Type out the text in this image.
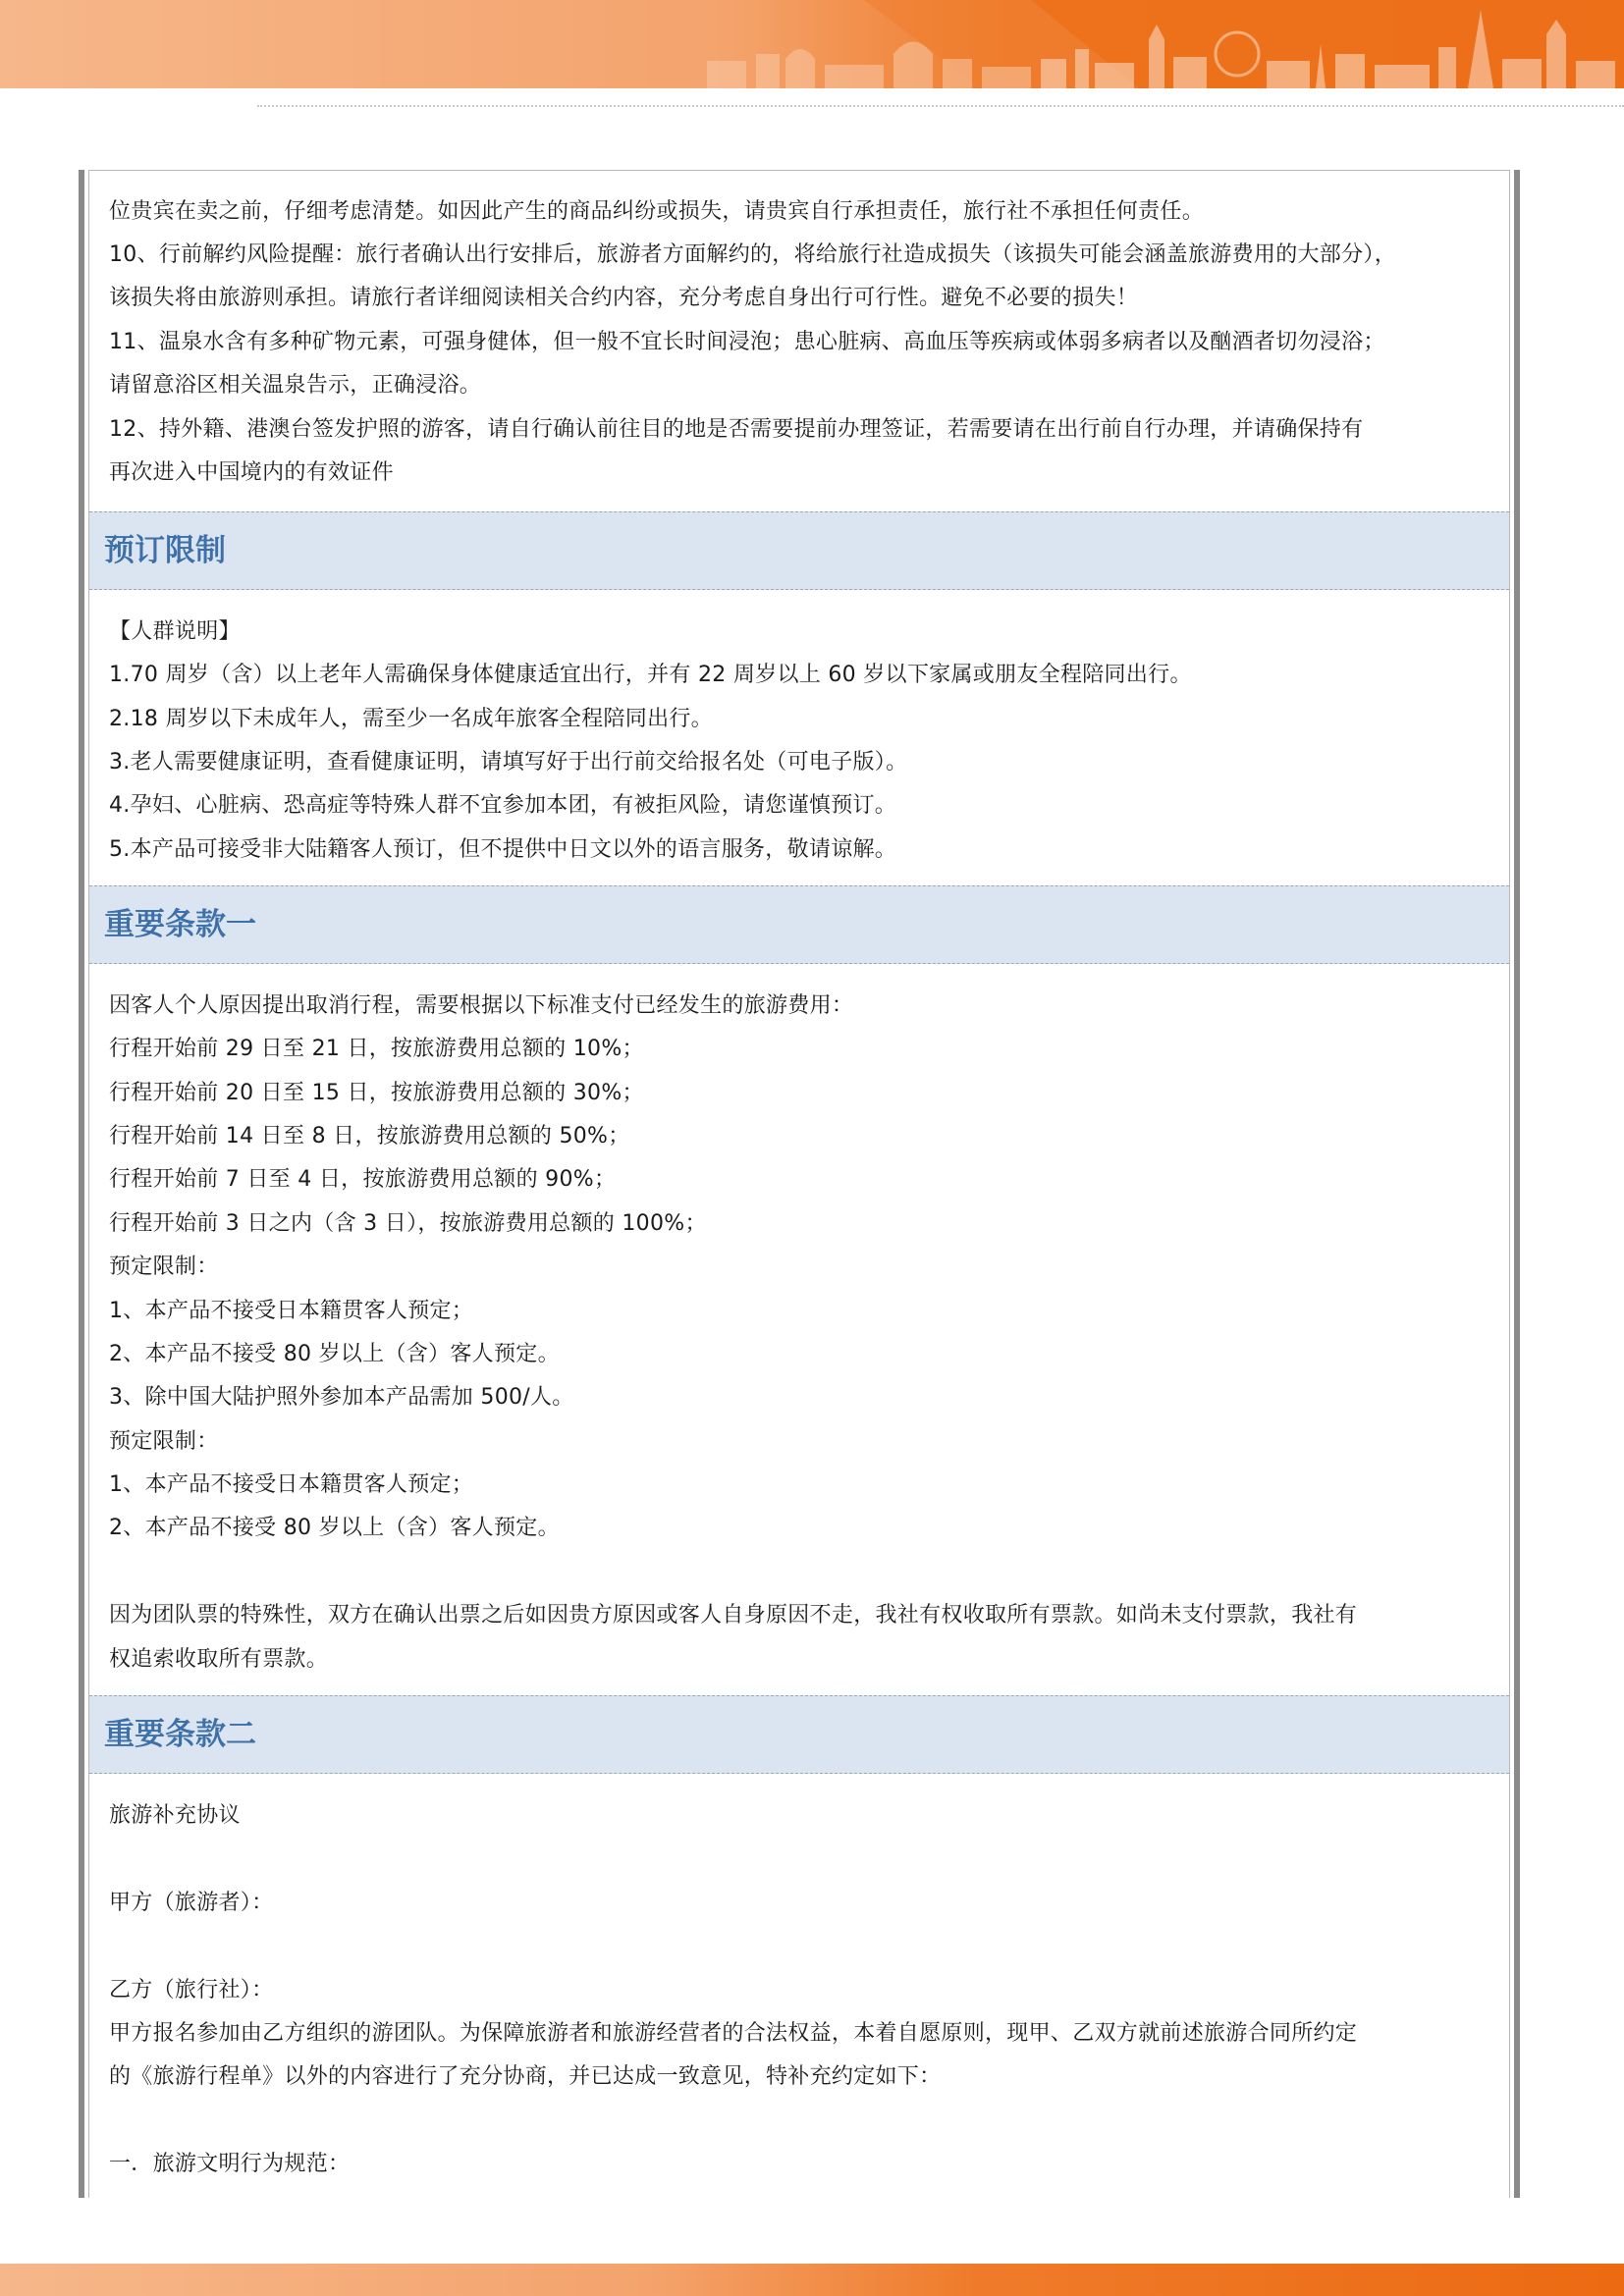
位贵宾在卖之前，仔细考虑清楚。如因此产生的商品纠纷或损失，请贵宾自行承担责任，旅行社不承担任何责任。
10、行前解约风险提醒：旅行者确认出行安排后，旅游者方面解约的，将给旅行社造成损失（该损失可能会涵盖旅游费用的大部分），
该损失将由旅游则承担。请旅行者详细阅读相关合约内容，充分考虑自身出行可行性。避免不必要的损失！
11、温泉水含有多种矿物元素，可强身健体，但一般不宜长时间浸泡；患心脏病、高血压等疾病或体弱多病者以及酗酒者切勿浸浴；
请留意浴区相关温泉告示，正确浸浴。
12、持外籍、港澳台签发护照的游客，请自行确认前往目的地是否需要提前办理签证，若需要请在出行前自行办理，并请确保持有
再次进入中国境内的有效证件
预订限制
【人群说明】
1.70 周岁（含）以上老年人需确保身体健康适宜出行，并有 22 周岁以上 60 岁以下家属或朋友全程陪同出行。
2.18 周岁以下未成年人，需至少一名成年旅客全程陪同出行。
3.老人需要健康证明，查看健康证明，请填写好于出行前交给报名处（可电子版）。
4.孕妇、心脏病、恐高症等特殊人群不宜参加本团，有被拒风险，请您谨慎预订。
5.本产品可接受非大陆籍客人预订，但不提供中日文以外的语言服务，敬请谅解。
重要条款一
因客人个人原因提出取消行程，需要根据以下标准支付已经发生的旅游费用：
行程开始前 29 日至 21 日，按旅游费用总额的 10%；
行程开始前 20 日至 15 日，按旅游费用总额的 30%；
行程开始前 14 日至 8 日，按旅游费用总额的 50%；
行程开始前 7 日至 4 日，按旅游费用总额的 90%；
行程开始前 3 日之内（含 3 日），按旅游费用总额的 100%；
预定限制：
1、本产品不接受日本籍贯客人预定；
2、本产品不接受 80 岁以上（含）客人预定。
3、除中国大陆护照外参加本产品需加 500/人。
预定限制：
1、本产品不接受日本籍贯客人预定；
2、本产品不接受 80 岁以上（含）客人预定。
因为团队票的特殊性，双方在确认出票之后如因贵方原因或客人自身原因不走，我社有权收取所有票款。如尚未支付票款，我社有
权追索收取所有票款。
重要条款二
旅游补充协议
甲方（旅游者）：
乙方（旅行社）：
甲方报名参加由乙方组织的游团队。为保障旅游者和旅游经营者的合法权益，本着自愿原则，现甲、乙双方就前述旅游合同所约定
的《旅游行程单》以外的内容进行了充分协商，并已达成一致意见，特补充约定如下：
一．旅游文明行为规范：
